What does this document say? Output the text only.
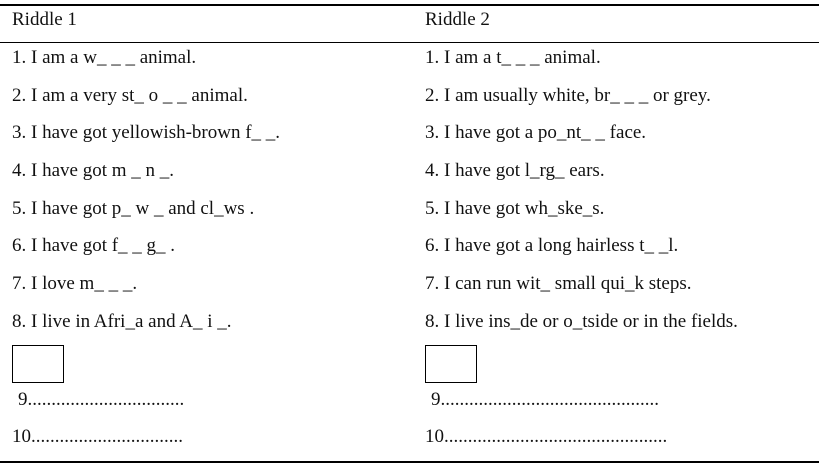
Riddle 1
1. I am a w_ _ _ animal.
2. I am a very st_ o _ _ animal.
3. I have got yellowish-brown f_ _.
4. I have got m _ n _.
5. I have got p_ w _ and cl_ws .
6. I have got f_ _ g_ .
7. I love m_ _ _.
8. I live in Afri_a and A_ i _.
9.................................
10................................
Riddle 2
1. I am a t_ _ _ animal.
2. I am usually white, br_ _ _ or grey.
3. I have got a po_nt_ _ face.
4. I have got l_rg_ ears.
5. I have got wh_ske_s.
6. I have got a long hairless t_ _l.
7. I can run wit_ small qui_k steps.
8. I live ins_de or o_tside or in the fields.
9..............................................
10...............................................
